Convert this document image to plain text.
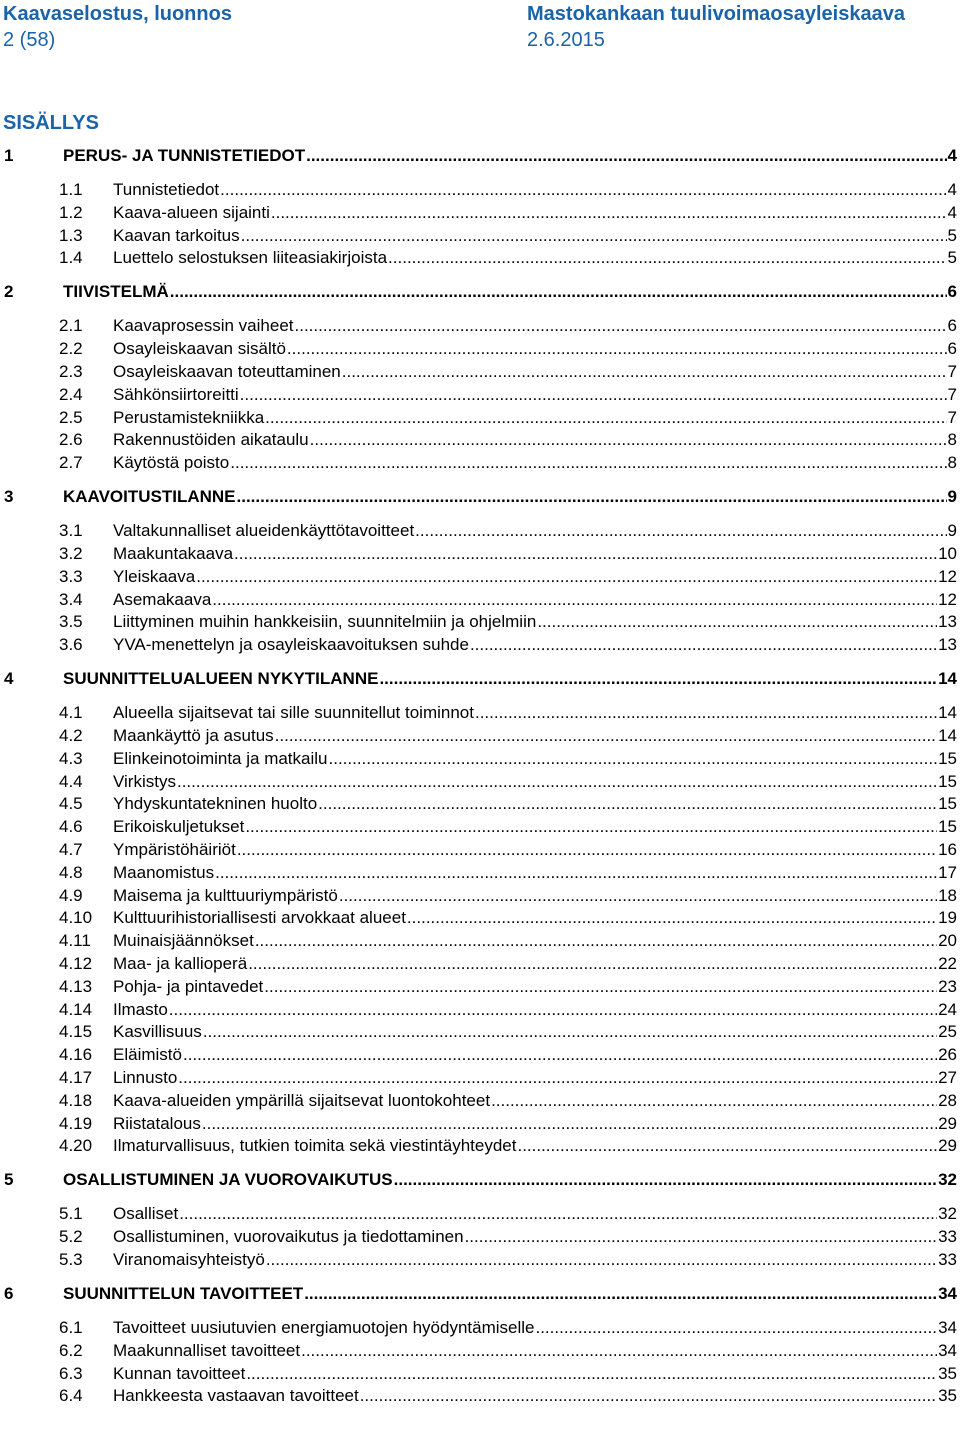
Kaavaselostus, luonnos
2 (58)
Mastokankaan tuulivoimaosayleiskaava
2.6.2015
SISÄLLYS
1	PERUS- JA TUNNISTETIEDOT .....	4
1.1	Tunnistetiedot .....	4
1.2	Kaava-alueen sijainti .....	4
1.3	Kaavan tarkoitus .....	5
1.4	Luettelo selostuksen liiteasiakirjoista .....	5
2	TIIVISTELMÄ .....	6
2.1	Kaavaprosessin vaiheet .....	6
2.2	Osayleiskaavan sisältö .....	6
2.3	Osayleiskaavan toteuttaminen .....	7
2.4	Sähkönsiirtoreitti .....	7
2.5	Perustamistekniikka .....	7
2.6	Rakennustöiden aikataulu .....	8
2.7	Käytöstä poisto .....	8
3	KAAVOITUSTILANNE .....	9
3.1	Valtakunnalliset alueidenkäyttötavoitteet .....	9
3.2	Maakuntakaava .....	10
3.3	Yleiskaava .....	12
3.4	Asemakaava .....	12
3.5	Liittyminen muihin hankkeisiin, suunnitelmiin ja ohjelmiin .....	13
3.6	YVA-menettelyn ja osayleiskaavoituksen suhde .....	13
4	SUUNNITTELUALUEEN NYKYTILANNE .....	14
4.1	Alueella sijaitsevat tai sille suunnitellut toiminnot .....	14
4.2	Maankäyttö ja asutus .....	14
4.3	Elinkeinotoiminta ja matkailu .....	15
4.4	Virkistys .....	15
4.5	Yhdyskuntatekninen huolto .....	15
4.6	Erikoiskuljetukset .....	15
4.7	Ympäristöhäiriöt .....	16
4.8	Maanomistus .....	17
4.9	Maisema ja kulttuuriympäristö .....	18
4.10	Kulttuurihistoriallisesti arvokkaat alueet .....	19
4.11	Muinaisjäännökset .....	20
4.12	Maa- ja kallioperä .....	22
4.13	Pohja- ja pintavedet .....	23
4.14	Ilmasto .....	24
4.15	Kasvillisuus .....	25
4.16	Eläimistö .....	26
4.17	Linnusto .....	27
4.18	Kaava-alueiden ympärillä sijaitsevat luontokohteet .....	28
4.19	Riistatalous .....	29
4.20	Ilmaturvallisuus, tutkien toimita sekä viestintäyhteydet .....	29
5	OSALLISTUMINEN JA VUOROVAIKUTUS .....	32
5.1	Osalliset .....	32
5.2	Osallistuminen, vuorovaikutus ja tiedottaminen .....	33
5.3	Viranomaisyhteistyö .....	33
6	SUUNNITTELUN TAVOITTEET .....	34
6.1	Tavoitteet uusiutuvien energiamuotojen hyödyntämiselle .....	34
6.2	Maakunnalliset tavoitteet .....	34
6.3	Kunnan tavoitteet .....	35
6.4	Hankkeesta vastaavan tavoitteet .....	35
